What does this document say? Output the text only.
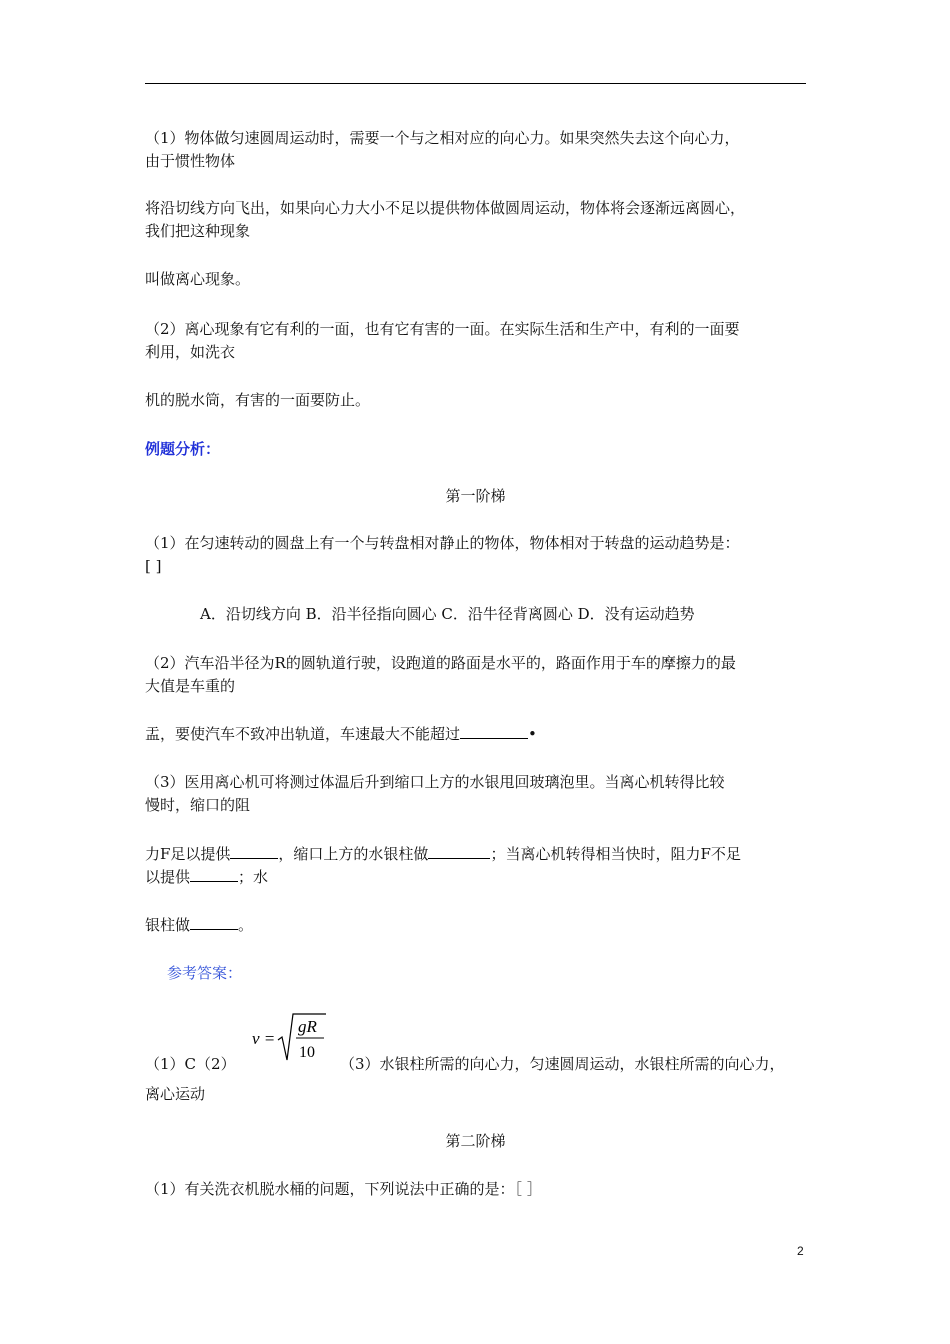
（1）物体做匀速圆周运动时，需要一个与之相对应的向心力。如果突然失去这个向心力，
由于惯性物体
将沿切线方向飞出，如果向心力大小不足以提供物体做圆周运动，物体将会逐渐远离圆心，
我们把这种现象
叫做离心现象。
（2）离心现象有它有利的一面，也有它有害的一面。在实际生活和生产中，有利的一面要
利用，如洗衣
机的脱水筒，有害的一面要防止。
例题分析：
第一阶梯
（1）在匀速转动的圆盘上有一个与转盘相对静止的物体，物体相对于转盘的运动趋势是：
[ ]
A．沿切线方向 B．沿半径指向圆心 C．沿牛径背离圆心 D．没有运动趋势
（2）汽车沿半径为R的圆轨道行驶，设跑道的路面是水平的，路面作用于车的摩擦力的最
大值是车重的
盂，要使汽车不致冲出轨道，车速最大不能超过	•
（3）医用离心机可将测过体温后升到缩口上方的水银甩回玻璃泡里。当离心机转得比较
慢时，缩口的阻
力F足以提供	，缩口上方的水银柱做	；当离心机转得相当快时，阻力F不足
以提供	；水
银柱做	。
参考答案：
v =
gR
10
（1）C（2）	（3）水银柱所需的向心力，匀速圆周运动，水银柱所需的向心力，
离心运动
第二阶梯
（1）有关洗衣机脱水桶的问题，下列说法中正确的是：［ ］
2
